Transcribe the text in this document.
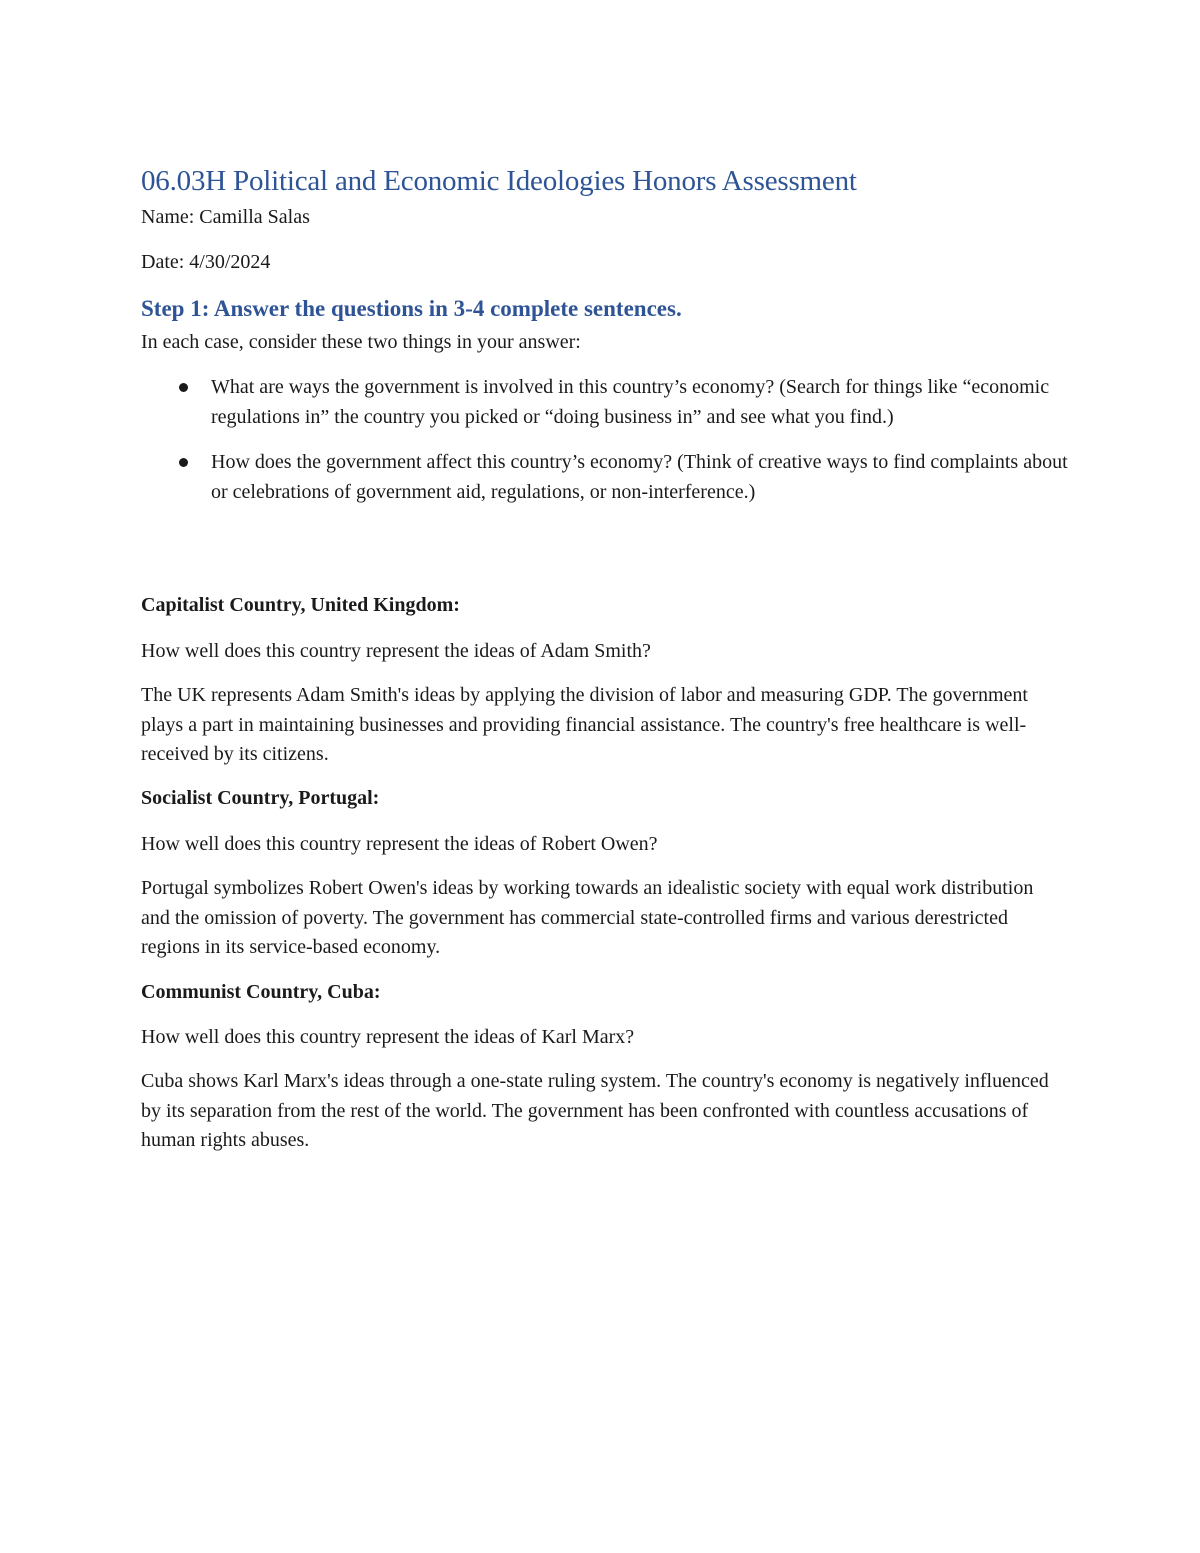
06.03H Political and Economic Ideologies Honors Assessment
Name: Camilla Salas
Date: 4/30/2024
Step 1: Answer the questions in 3-4 complete sentences.
In each case, consider these two things in your answer:
What are ways the government is involved in this country’s economy? (Search for things like “economic regulations in” the country you picked or “doing business in” and see what you find.)
How does the government affect this country’s economy? (Think of creative ways to find complaints about or celebrations of government aid, regulations, or non-interference.)
Capitalist Country, United Kingdom:
How well does this country represent the ideas of Adam Smith?
The UK represents Adam Smith's ideas by applying the division of labor and measuring GDP. The government plays a part in maintaining businesses and providing financial assistance. The country's free healthcare is well-received by its citizens.
Socialist Country, Portugal:
How well does this country represent the ideas of Robert Owen?
Portugal symbolizes Robert Owen's ideas by working towards an idealistic society with equal work distribution and the omission of poverty. The government has commercial state-controlled firms and various derestricted regions in its service-based economy.
Communist Country, Cuba:
How well does this country represent the ideas of Karl Marx?
Cuba shows Karl Marx's ideas through a one-state ruling system. The country's economy is negatively influenced by its separation from the rest of the world. The government has been confronted with countless accusations of human rights abuses.
